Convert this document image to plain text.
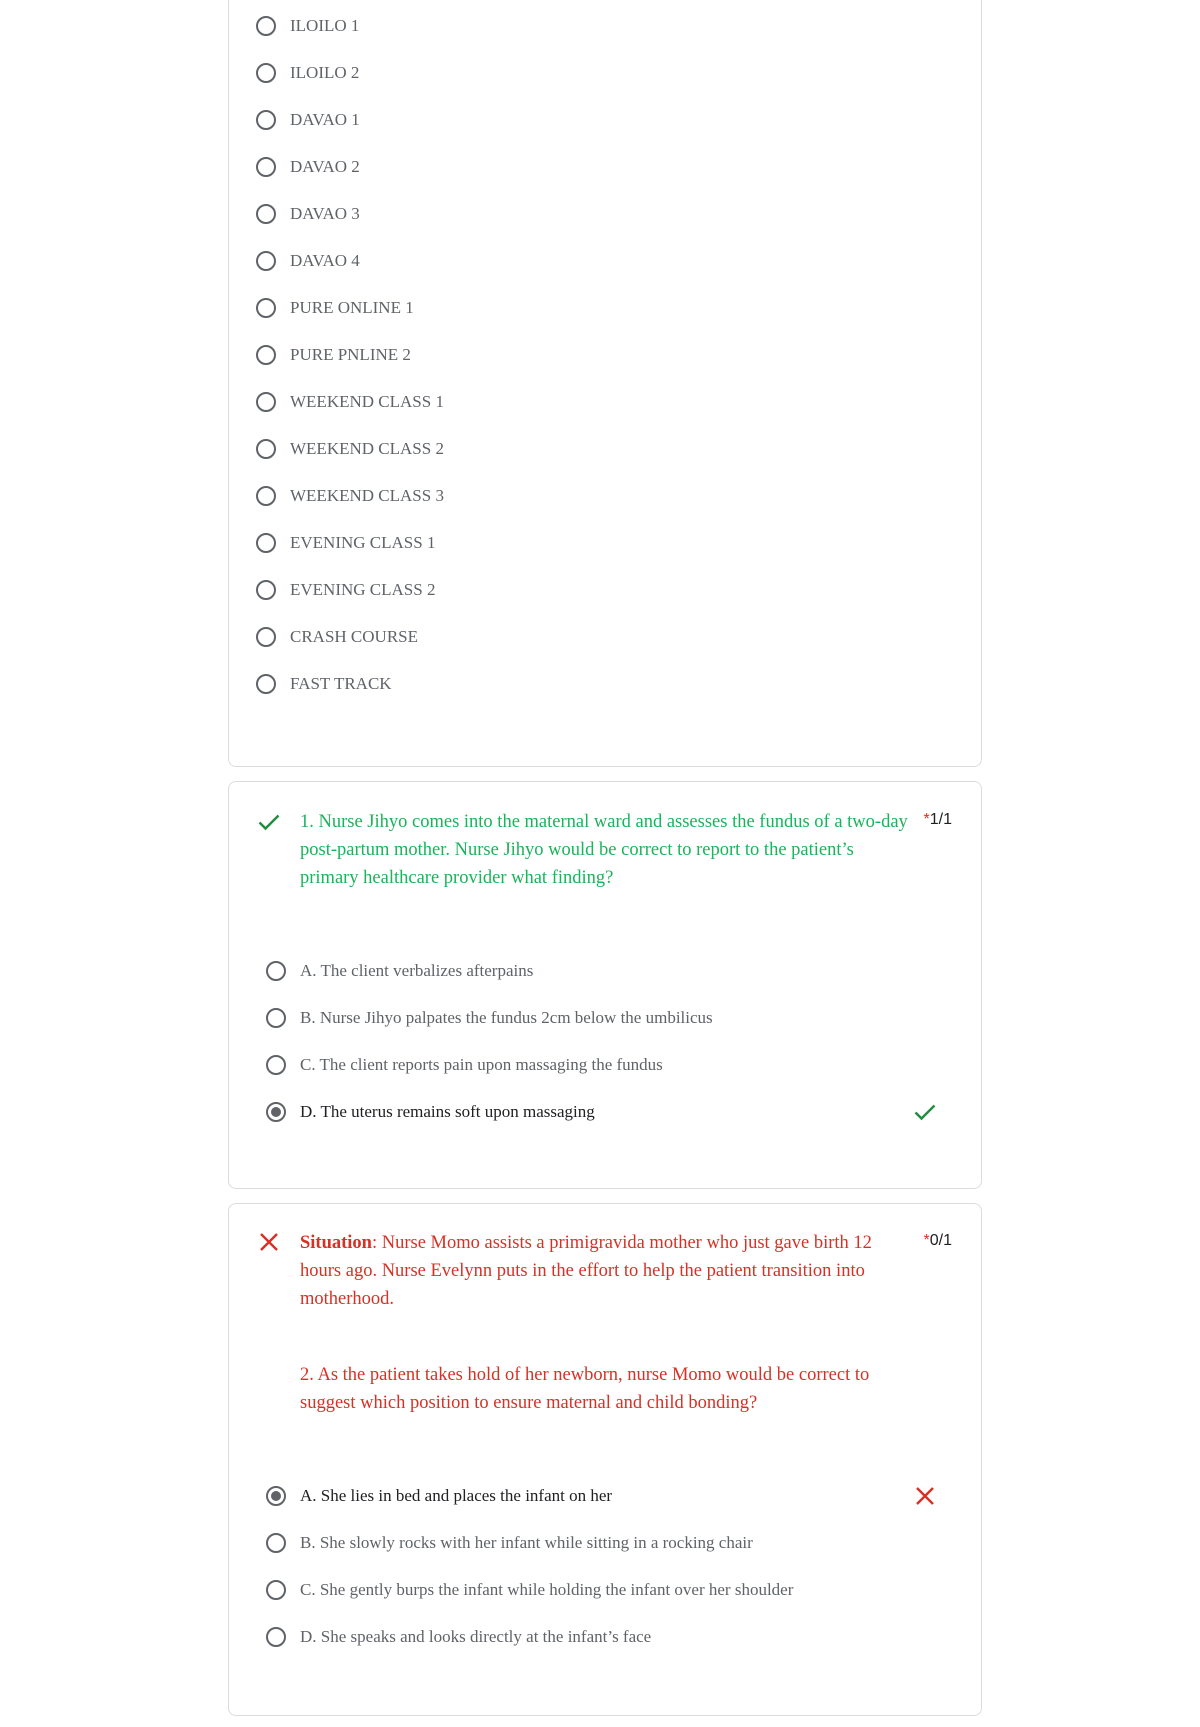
ILOILO 1
ILOILO 2
DAVAO 1
DAVAO 2
DAVAO 3
DAVAO 4
PURE ONLINE 1
PURE PNLINE 2
WEEKEND CLASS 1
WEEKEND CLASS 2
WEEKEND CLASS 3
EVENING CLASS 1
EVENING CLASS 2
CRASH COURSE
FAST TRACK
1. Nurse Jihyo comes into the maternal ward and assesses the fundus of a two-day post-partum mother. Nurse Jihyo would be correct to report to the patient’s primary healthcare provider what finding?
*1/1
A. The client verbalizes afterpains
B. Nurse Jihyo palpates the fundus 2cm below the umbilicus
C. The client reports pain upon massaging the fundus
D. The uterus remains soft upon massaging
Situation: Nurse Momo assists a primigravida mother who just gave birth 12 hours ago. Nurse Evelynn puts in the effort to help the patient transition into motherhood.
*0/1
2. As the patient takes hold of her newborn, nurse Momo would be correct to suggest which position to ensure maternal and child bonding?
A. She lies in bed and places the infant on her
B. She slowly rocks with her infant while sitting in a rocking chair
C. She gently burps the infant while holding the infant over her shoulder
D. She speaks and looks directly at the infant’s face
